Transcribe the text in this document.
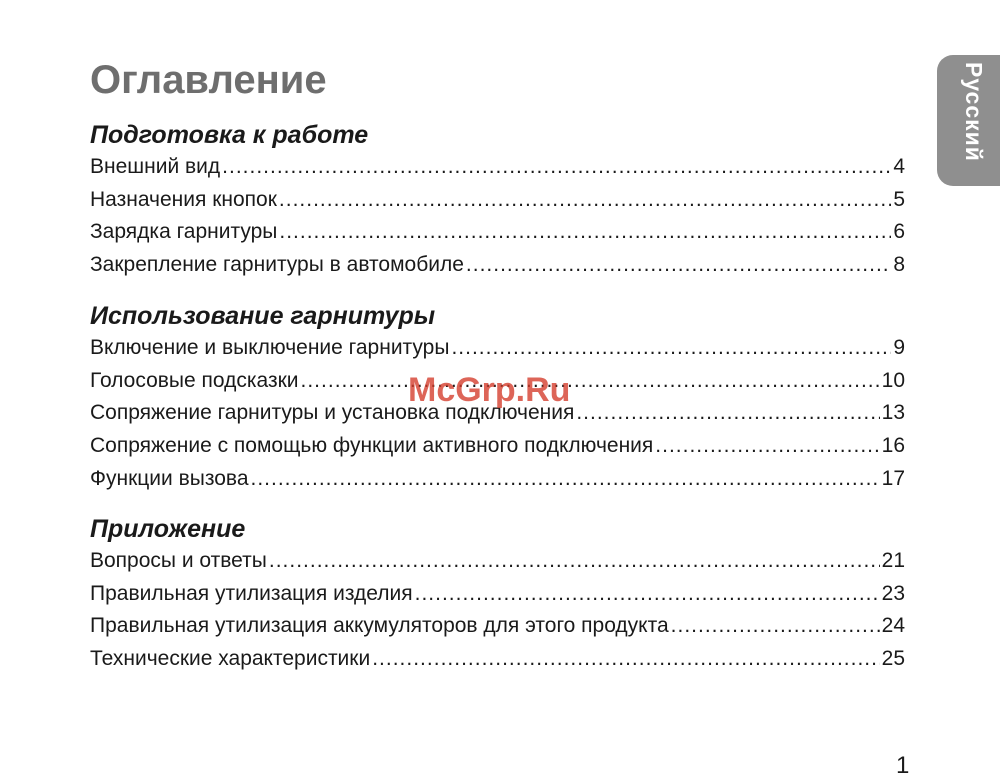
Оглавление	Русский
Подготовка к работе
Внешний вид .....	4
Назначения кнопок .....	5
Зарядка гарнитуры .....	6
Закрепление гарнитуры в автомобиле .....	8
Использование гарнитуры
Включение и выключение гарнитуры .....	9
Голосовые подсказки .....	10
Сопряжение гарнитуры и установка подключения .....	13
Сопряжение с помощью функции активного подключения .....	16
Функции вызова .....	17
Приложение
Вопросы и ответы .....	21
Правильная утилизация изделия .....	23
Правильная утилизация аккумуляторов для этого продукта .....	24
Технические характеристики .....	25
McGrp.Ru
1
